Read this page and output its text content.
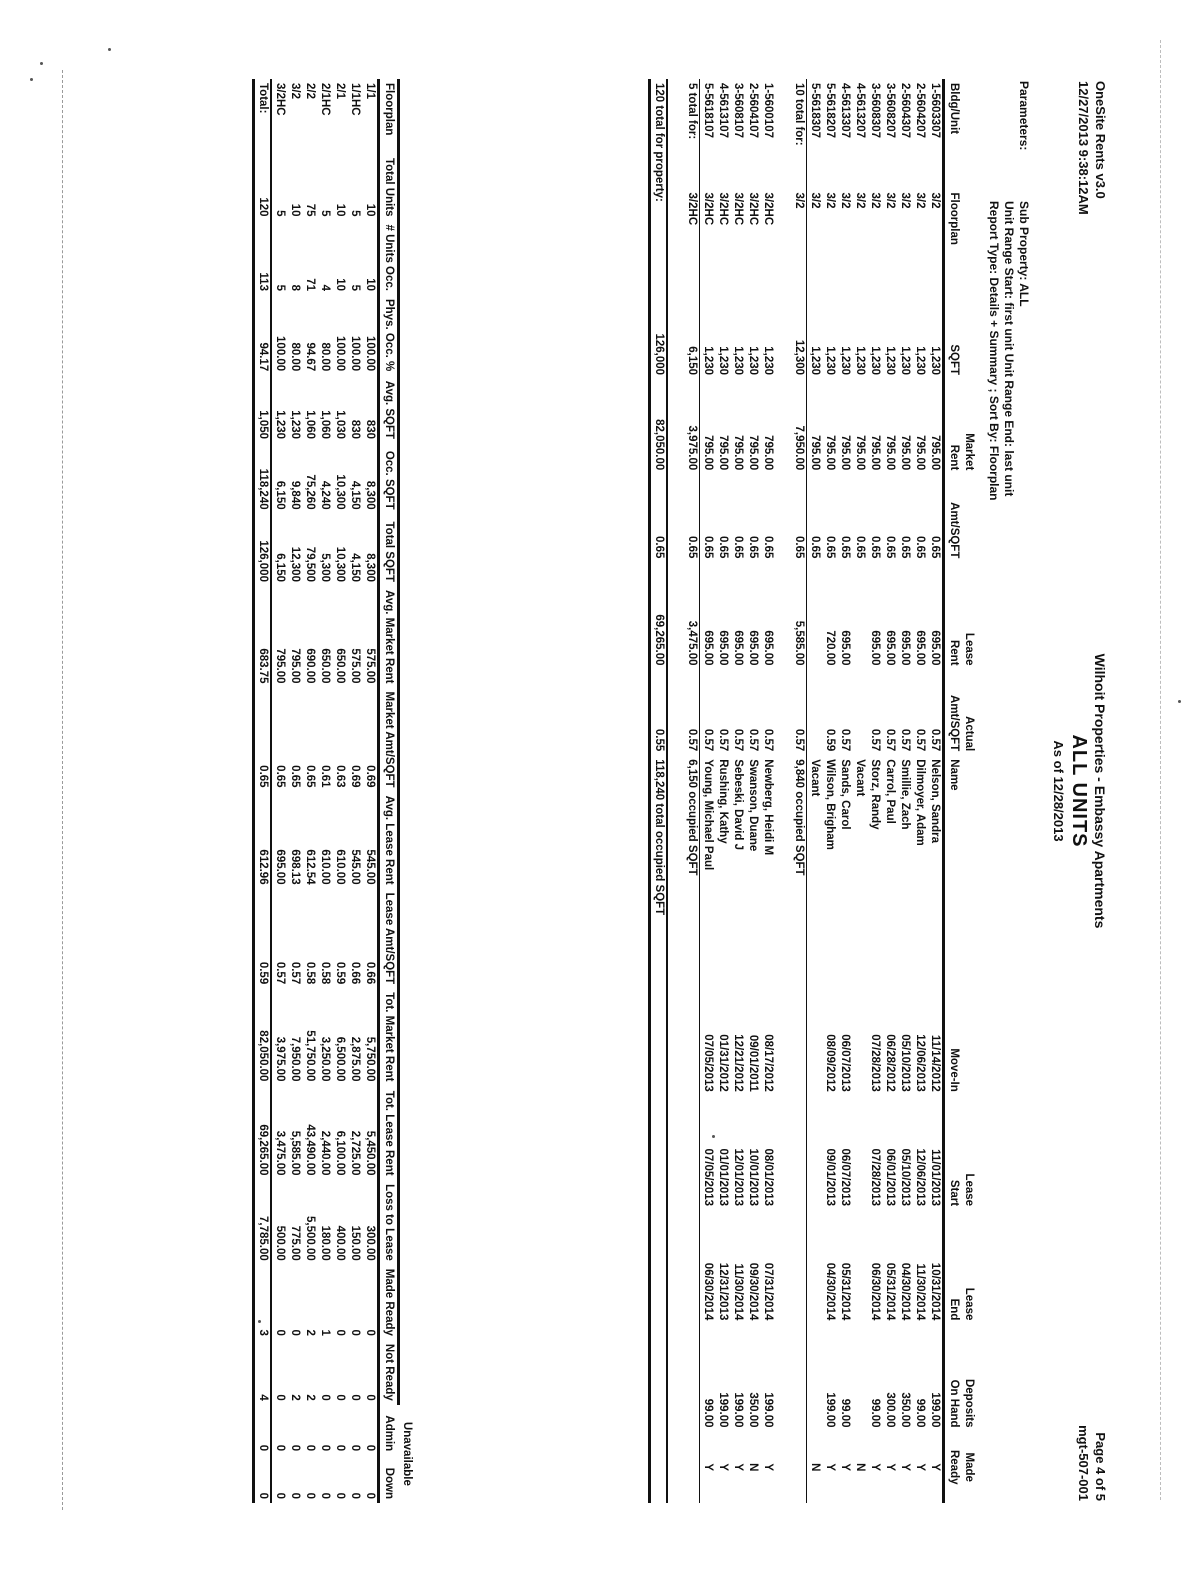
OneSite Rents v3.0
12/27/2013 9:38:12AM
Wilhoit Properties - Embassy Apartments
ALL UNITS
As of 12/28/2013
Page 4 of 5
mgt-507-001
Parameters:
Sub Property: ALL
Unit Range Start: first unit Unit Range End: last unit
Report Type: Details + Summary ; Sort By: Floorplan
			Market		Lease	Actual			Lease	Lease	Deposits	Made
Bldg/Unit	Floorplan	SQFT	Rent	Amt/SQFT	Rent	Amt/SQFT	Name	Move-In	Start	End	On Hand	Ready
1-5603307	3/2	1,230	795.00	0.65	695.00	0.57	Nelson, Sandra	11/14/2012	11/01/2013	10/31/2014	199.00	Y
2-5604207	3/2	1,230	795.00	0.65	695.00	0.57	Dilmoyer, Adam	12/06/2013	12/06/2013	11/30/2014	99.00	Y
2-5604307	3/2	1,230	795.00	0.65	695.00	0.57	Smillie, Zach	05/10/2013	05/10/2013	04/30/2014	350.00	Y
3-5608207	3/2	1,230	795.00	0.65	695.00	0.57	Carrol, Paul	06/28/2012	06/01/2013	05/31/2014	300.00	Y
3-5608307	3/2	1,230	795.00	0.65	695.00	0.57	Storz, Randy	07/28/2013	07/28/2013	06/30/2014	99.00	Y
4-5613207	3/2	1,230	795.00	0.65			Vacant					N
4-5613307	3/2	1,230	795.00	0.65	695.00	0.57	Sands, Carol	06/07/2013	06/07/2013	05/31/2014	99.00	Y
5-5618207	3/2	1,230	795.00	0.65	720.00	0.59	Wilson, Brigham	08/09/2012	09/01/2013	04/30/2014	199.00	Y
5-5618307	3/2	1,230	795.00	0.65			Vacant					N
10 total for:	3/2	12,300	7,950.00	0.65	5,585.00	0.57	9,840 occupied SQFT					

1-5600107	3/2HC	1,230	795.00	0.65	695.00	0.57	Newberg, Heidi M	08/17/2012	08/01/2013	07/31/2014	199.00	Y
2-5604107	3/2HC	1,230	795.00	0.65	695.00	0.57	Swanson, Duane	09/01/2011	10/01/2013	09/30/2014	350.00	N
3-5608107	3/2HC	1,230	795.00	0.65	695.00	0.57	Sebeski, David J	12/21/2012	12/01/2013	11/30/2014	199.00	Y
4-5613107	3/2HC	1,230	795.00	0.65	695.00	0.57	Rushing, Kathy	01/31/2012	01/01/2013	12/31/2013	199.00	Y
5-5618107	3/2HC	1,230	795.00	0.65	695.00	0.57	Young, Michael Paul	07/05/2013	07/05/2013	06/30/2014	99.00	Y
5 total for:	3/2HC	6,150	3,975.00	0.65	3,475.00	0.57	6,150 occupied SQFT					

120 total for property:		126,000	82,050.00	0.65	69,265.00	0.55	118,240 total occupied SQFT					
																Unavailable	
Floorplan	Total Units	# Units Occ.	Phys. Occ. %	Avg. SQFT	Occ. SQFT	Total SQFT	Avg. Market Rent	Market Amt/SQFT	Avg. Lease Rent	Lease Amt/SQFT	Tot. Market Rent	Tot. Lease Rent	Loss to Lease	Made Ready	Not Ready	Admin	Down
1/1	10	10	100.00	830	8,300	8,300	575.00	0.69	545.00	0.66	5,750.00	5,450.00	300.00	0	0	0	0
1/1HC	5	5	100.00	830	4,150	4,150	575.00	0.69	545.00	0.66	2,875.00	2,725.00	150.00	0	0	0	0
2/1	10	10	100.00	1,030	10,300	10,300	650.00	0.63	610.00	0.59	6,500.00	6,100.00	400.00	0	0	0	0
2/1HC	5	4	80.00	1,060	4,240	5,300	650.00	0.61	610.00	0.58	3,250.00	2,440.00	180.00	1	0	0	0
2/2	75	71	94.67	1,060	75,260	79,500	690.00	0.65	612.54	0.58	51,750.00	43,490.00	5,500.00	2	2	0	0
3/2	10	8	80.00	1,230	9,840	12,300	795.00	0.65	698.13	0.57	7,950.00	5,585.00	775.00	0	2	0	0
3/2HC	5	5	100.00	1,230	6,150	6,150	795.00	0.65	695.00	0.57	3,975.00	3,475.00	500.00	0	0	0	0
Total:	120	113	94.17	1,050	118,240	126,000	683.75	0.65	612.96	0.59	82,050.00	69,265.00	7,785.00	3	4	0	0
